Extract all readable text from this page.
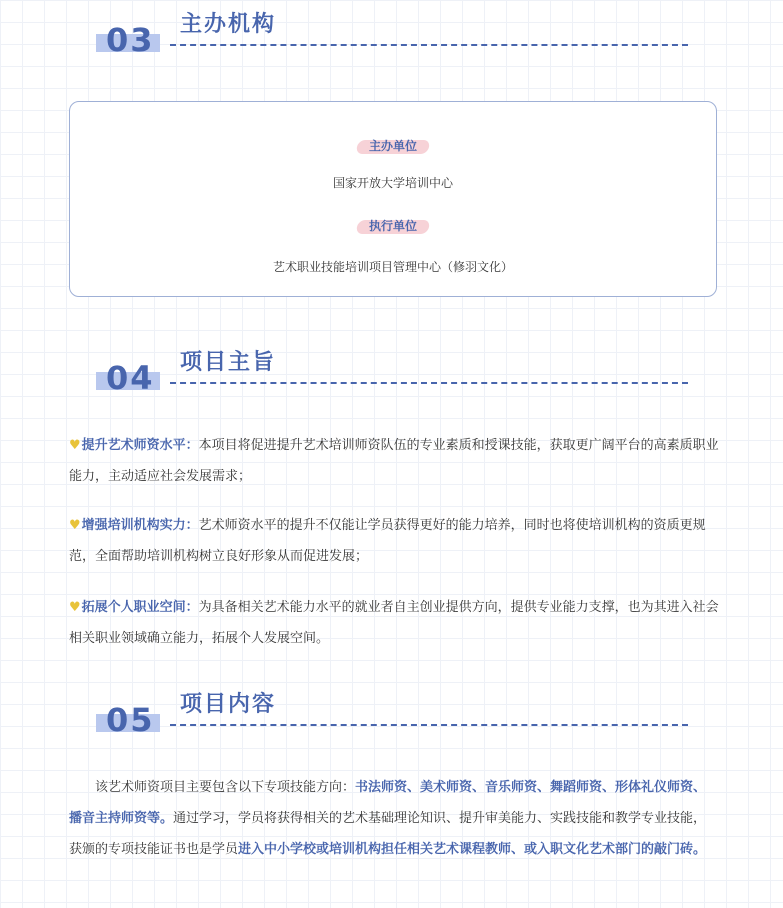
03 主办机构
主办单位
国家开放大学培训中心
执行单位
艺术职业技能培训项目管理中心（修羽文化）
04 项目主旨
♥提升艺术师资水平：本项目将促进提升艺术培训师资队伍的专业素质和授课技能，获取更广阔平台的高素质职业能力，主动适应社会发展需求；
♥增强培训机构实力：艺术师资水平的提升不仅能让学员获得更好的能力培养，同时也将使培训机构的资质更规范，全面帮助培训机构树立良好形象从而促进发展；
♥拓展个人职业空间：为具备相关艺术能力水平的就业者自主创业提供方向，提供专业能力支撑，也为其进入社会相关职业领域确立能力，拓展个人发展空间。
05 项目内容
该艺术师资项目主要包含以下专项技能方向：书法师资、美术师资、音乐师资、舞蹈师资、形体礼仪师资、播音主持师资等。通过学习，学员将获得相关的艺术基础理论知识、提升审美能力、实践技能和教学专业技能，获颁的专项技能证书也是学员进入中小学校或培训机构担任相关艺术课程教师、或入职文化艺术部门的敲门砖。
